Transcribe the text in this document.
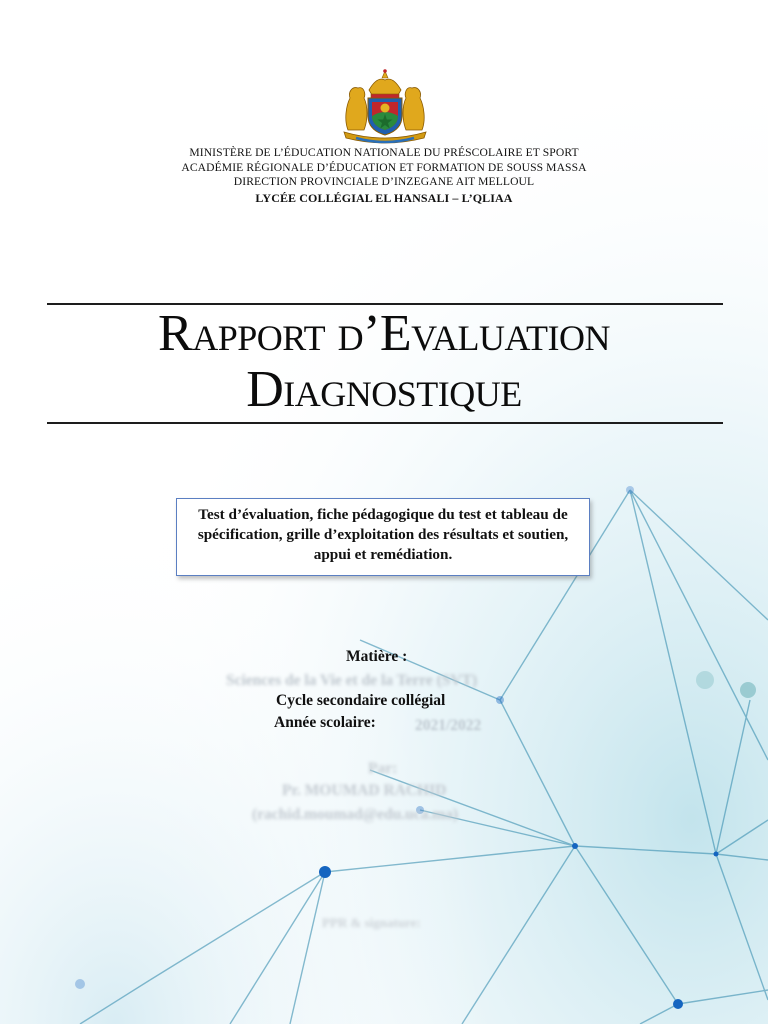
MINISTÈRE DE L’ÉDUCATION NATIONALE DU PRÉSCOLAIRE ET SPORT
ACADÉMIE RÉGIONALE D’ÉDUCATION ET FORMATION DE SOUSS MASSA
DIRECTION PROVINCIALE D’INZEGANE AIT MELLOUL
LYCÉE COLLÉGIAL EL HANSALI – L’QLIAA
Rapport d’Evaluation
Diagnostique
Test d’évaluation, fiche pédagogique du test et tableau de spécification, grille d’exploitation des résultats et soutien, appui et remédiation.
Matière :
Sciences de la Vie et de la Terre (SVT)
Cycle secondaire collégial
Année scolaire:	2021/2022
Par:
Pr. MOUMAD RACHID
(rachid.moumad@edu.uca.ma)
PPR & signature:
